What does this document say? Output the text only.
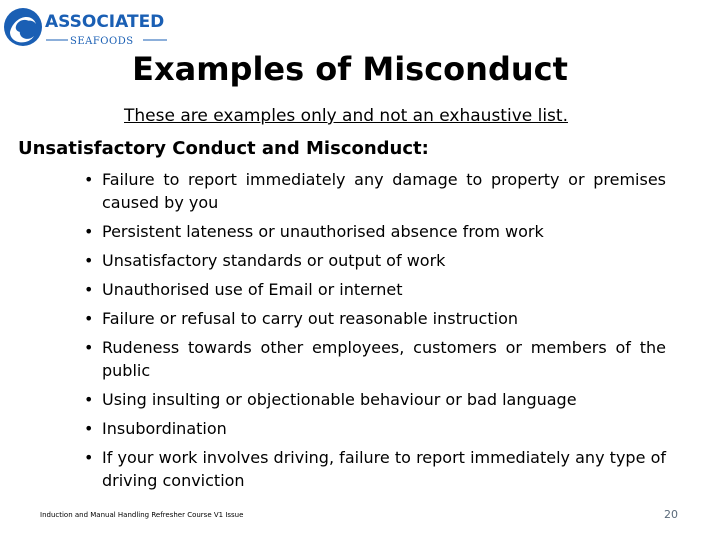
ASSOCIATED
SEAFOODS
Examples of Misconduct
These are examples only and not an exhaustive list.
Unsatisfactory Conduct and Misconduct:
• Failure to report immediately any damage to property or premises caused by you
• Persistent lateness or unauthorised absence from work
• Unsatisfactory standards or output of work
• Unauthorised use of Email or internet
• Failure or refusal to carry out reasonable instruction
• Rudeness towards other employees, customers or members of the public
• Using insulting or objectionable behaviour or bad language
• Insubordination
• If your work involves driving, failure to report immediately any type of driving conviction
Induction and Manual Handling Refresher Course V1 Issue	20
